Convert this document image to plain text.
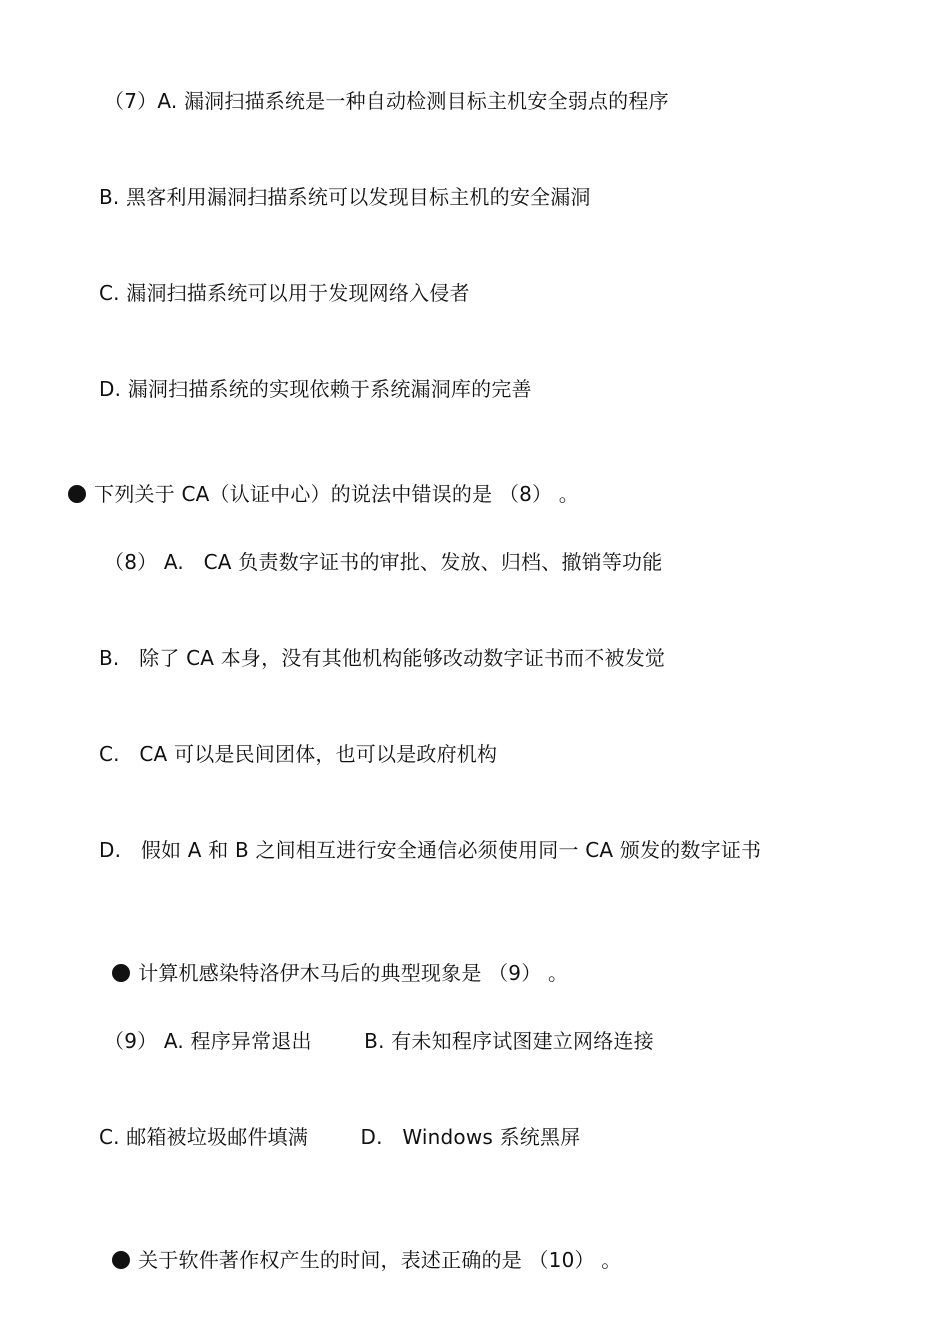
（7）A. 漏洞扫描系统是一种自动检测目标主机安全弱点的程序
B. 黑客利用漏洞扫描系统可以发现目标主机的安全漏洞
C. 漏洞扫描系统可以用于发现网络入侵者
D. 漏洞扫描系统的实现依赖于系统漏洞库的完善

下列关于 CA（认证中心）的说法中错误的是 （8） 。

（8） A.   CA 负责数字证书的审批、发放、归档、撤销等功能
B.   除了 CA 本身，没有其他机构能够改动数字证书而不被发觉
C.   CA 可以是民间团体，也可以是政府机构
D.   假如 A 和 B 之间相互进行安全通信必须使用同一 CA 颁发的数字证书

计算机感染特洛伊木马后的典型现象是 （9） 。

（9） A. 程序异常退出        B. 有未知程序试图建立网络连接
C. 邮箱被垃圾邮件填满        D.   Windows 系统黑屏

关于软件著作权产生的时间，表述正确的是 （10） 。
